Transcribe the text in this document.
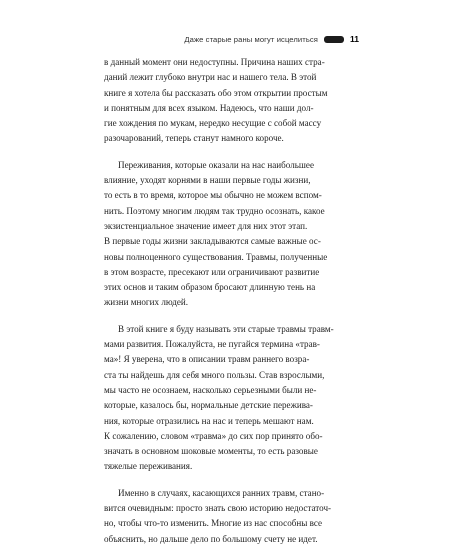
Даже старые раны могут исцелиться	11

в данный момент они недоступны. Причина наших стра-
даний лежит глубоко внутри нас и нашего тела. В этой
книге я хотела бы рассказать обо этом открытии простым
и понятным для всех языком. Надеюсь, что наши дол-
гие хождения по мукам, нередко несущие с собой массу
разочарований, теперь станут намного короче.

Переживания, которые оказали на нас наибольшее
влияние, уходят корнями в наши первые годы жизни,
то есть в то время, которое мы обычно не можем вспом-
нить. Поэтому многим людям так трудно осознать, какое
экзистенциальное значение имеет для них этот этап.
В первые годы жизни закладываются самые важные ос-
новы полноценного существования. Травмы, полученные
в этом возрасте, пресекают или ограничивают развитие
этих основ и таким образом бросают длинную тень на
жизни многих людей.

В этой книге я буду называть эти старые травмы травм-
мами развития. Пожалуйста, не пугайся термина «трав-
ма»! Я уверена, что в описании травм раннего возра-
ста ты найдешь для себя много пользы. Став взрослыми,
мы часто не осознаем, насколько серьезными были не-
которые, казалось бы, нормальные детские пережива-
ния, которые отразились на нас и теперь мешают нам.
К сожалению, словом «травма» до сих пор принято обо-
значать в основном шоковые моменты, то есть разовые
тяжелые переживания.

Именно в случаях, касающихся ранних травм, стано-
вится очевидным: просто знать свою историю недостаточ-
но, чтобы что-то изменить. Многие из нас способны все
объяснить, но дальше дело по большому счету не идет.
